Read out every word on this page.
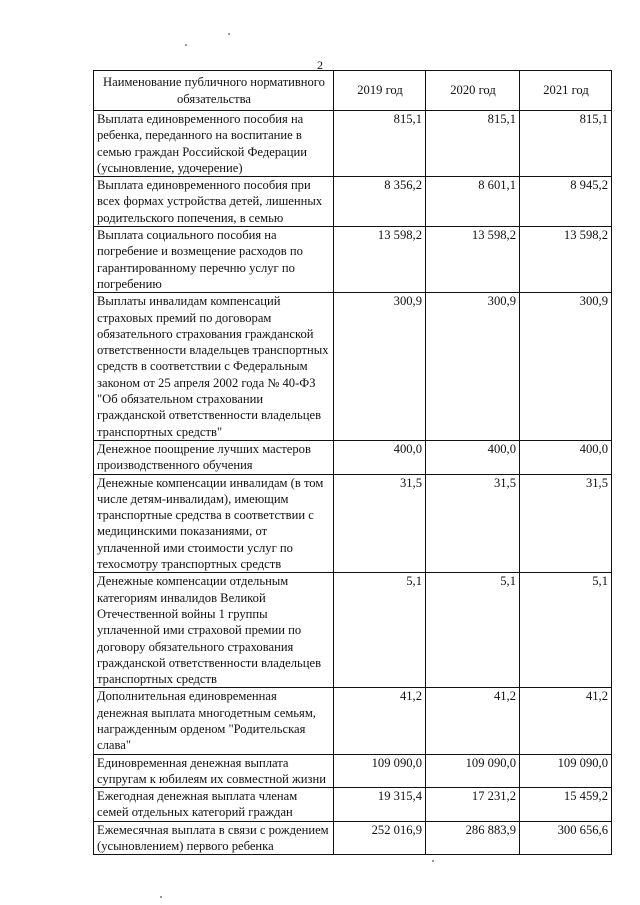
2
Наименование публичного нормативного обязательства	2019 год	2020 год	2021 год
Выплата единовременного пособия на ребенка, переданного на воспитание в семью граждан Российской Федерации (усыновление, удочерение)	815,1	815,1	815,1
Выплата единовременного пособия при всех формах устройства детей, лишенных родительского попечения, в семью	8 356,2	8 601,1	8 945,2
Выплата социального пособия на погребение и возмещение расходов по гарантированному перечню услуг по погребению	13 598,2	13 598,2	13 598,2
Выплаты инвалидам компенсаций страховых премий по договорам обязательного страхования гражданской ответственности владельцев транспортных средств в соответствии с Федеральным законом от 25 апреля 2002 года № 40-ФЗ "Об обязательном страховании гражданской ответственности владельцев транспортных средств"	300,9	300,9	300,9
Денежное поощрение лучших мастеров производственного обучения	400,0	400,0	400,0
Денежные компенсации инвалидам (в том числе детям-инвалидам), имеющим транспортные средства в соответствии с медицинскими показаниями, от уплаченной ими стоимости услуг по техосмотру транспортных средств	31,5	31,5	31,5
Денежные компенсации отдельным категориям инвалидов Великой Отечественной войны 1 группы уплаченной ими страховой премии по договору обязательного страхования гражданской ответственности владельцев транспортных средств	5,1	5,1	5,1
Дополнительная единовременная денежная выплата многодетным семьям, награжденным орденом "Родительская слава"	41,2	41,2	41,2
Единовременная денежная выплата супругам к юбилеям их совместной жизни	109 090,0	109 090,0	109 090,0
Ежегодная денежная выплата членам семей отдельных категорий граждан	19 315,4	17 231,2	15 459,2
Ежемесячная выплата в связи с рождением (усыновлением) первого ребенка	252 016,9	286 883,9	300 656,6
